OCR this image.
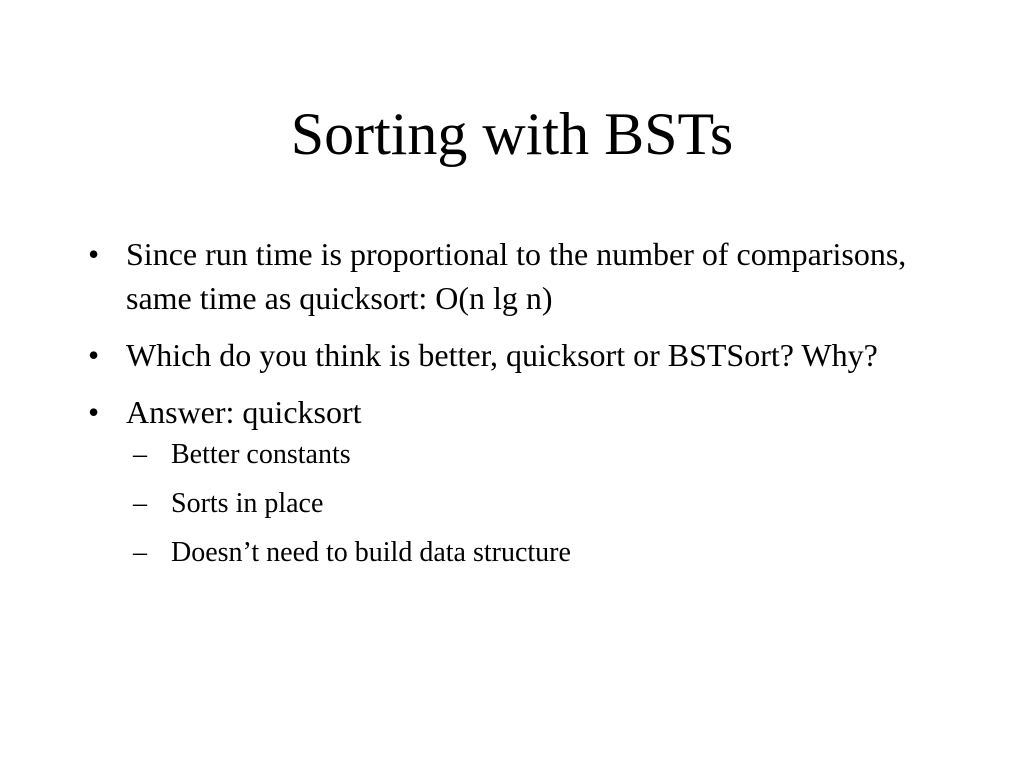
Sorting with BSTs
• Since run time is proportional to the number of comparisons, same time as quicksort: O(n lg n)
• Which do you think is better, quicksort or BSTSort? Why?
• Answer: quicksort
– Better constants
– Sorts in place
– Doesn’t need to build data structure
